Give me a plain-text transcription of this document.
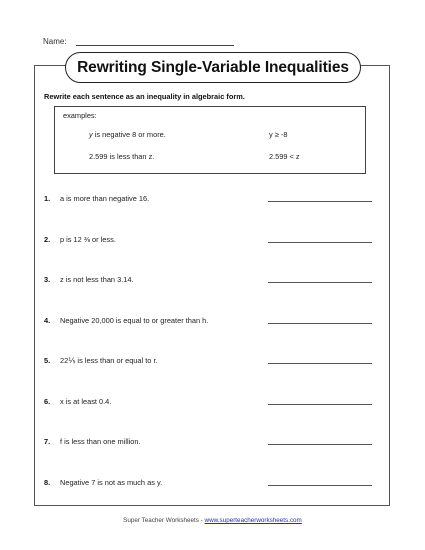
Name:
Rewriting Single-Variable Inequalities
Rewrite each sentence as an inequality in algebraic form.
examples:
y is negative 8 or more.	y ≥ -8
2.599 is less than z.	2.599 < z
1. a is more than negative 16.
2. p is 12 ⅜ or less.
3. z is not less than 3.14.
4. Negative 20,000 is equal to or greater than h.
5. 22⅕ is less than or equal to r.
6. x is at least 0.4.
7. f is less than one million.
8. Negative 7 is not as much as y.
Super Teacher Worksheets - www.superteacherworksheets.com
